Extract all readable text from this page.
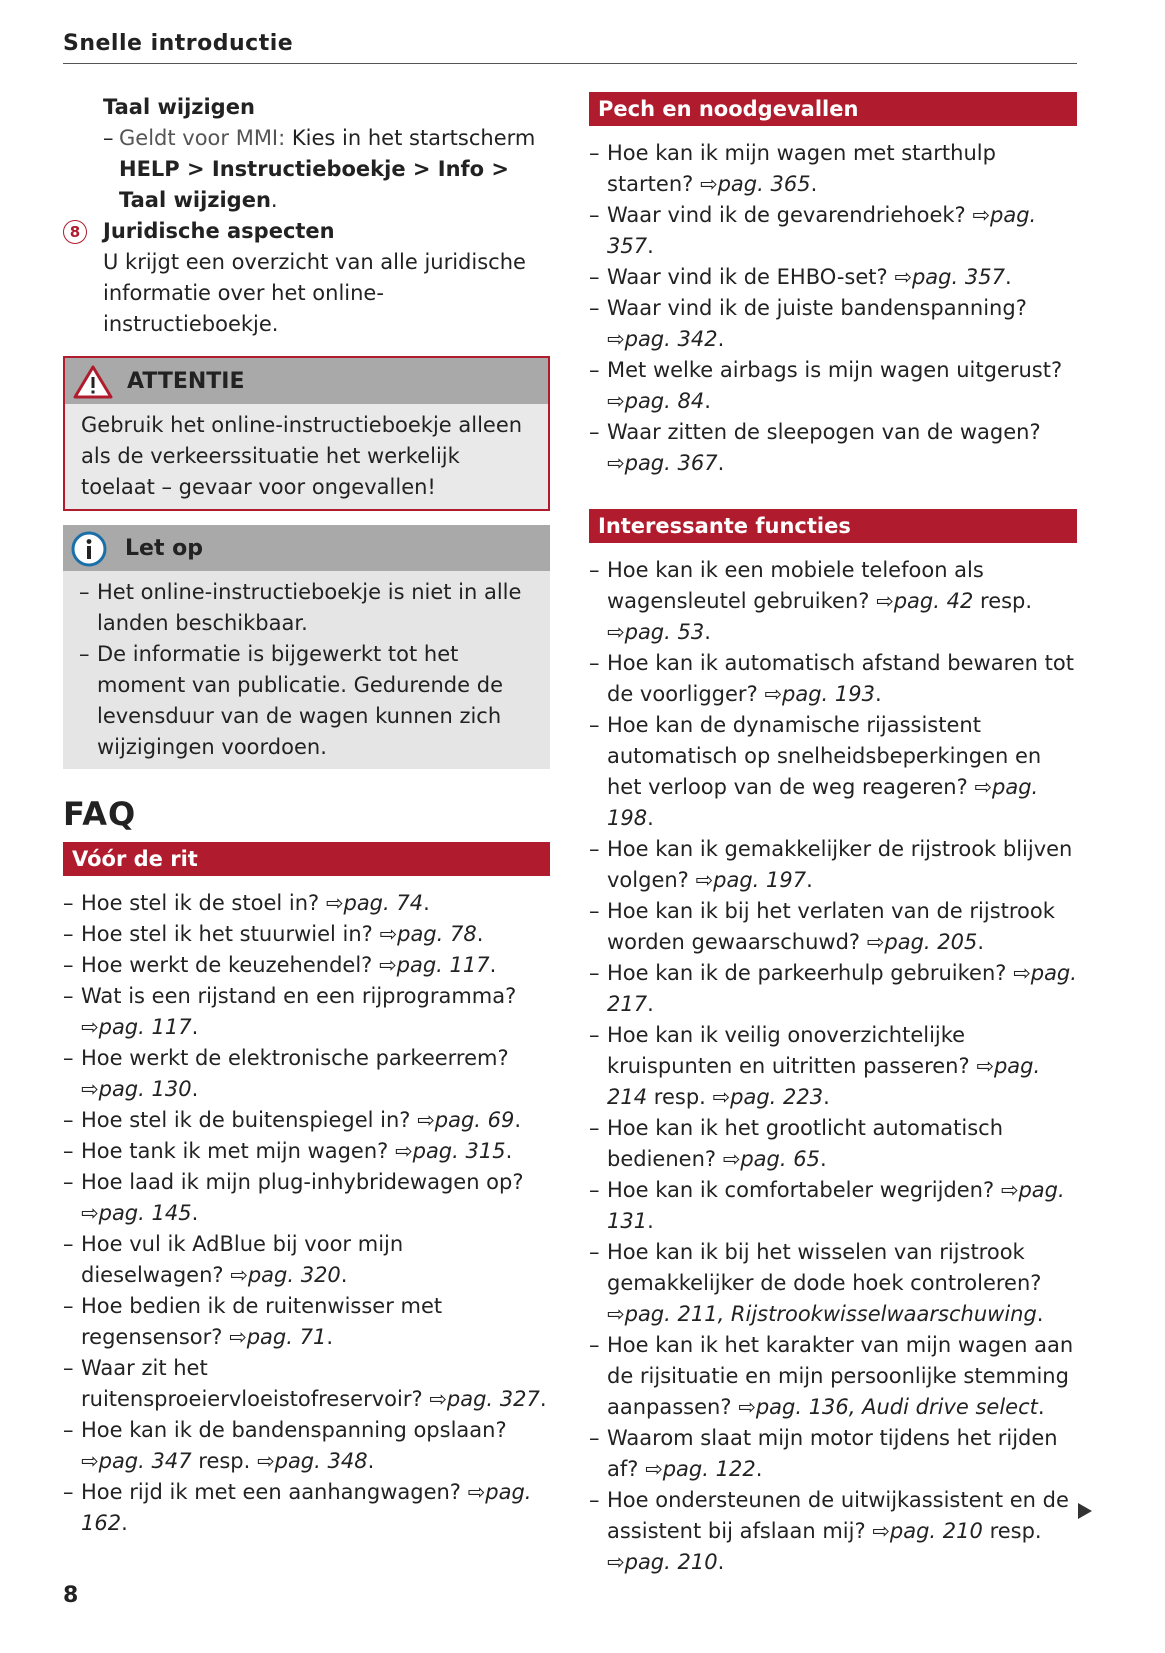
Snelle introductie
Taal wijzigen
– Geldt voor MMI: Kies in het startscherm HELP > Instructieboekje > Info > Taal wijzigen.
8	Juridische aspecten
U krijgt een overzicht van alle juridische informatie over het online-instructieboekje.
ATTENTIE
Gebruik het online-instructieboekje alleen als de verkeerssituatie het werkelijk toelaat – gevaar voor ongevallen!
Let op
– Het online-instructieboekje is niet in alle landen beschikbaar.
– De informatie is bijgewerkt tot het moment van publicatie. Gedurende de levensduur van de wagen kunnen zich wijzigingen voordoen.
FAQ
Vóór de rit
– Hoe stel ik de stoel in? ⇨pag. 74.
– Hoe stel ik het stuurwiel in? ⇨pag. 78.
– Hoe werkt de keuzehendel? ⇨pag. 117.
– Wat is een rijstand en een rijprogramma? ⇨pag. 117.
– Hoe werkt de elektronische parkeerrem? ⇨pag. 130.
– Hoe stel ik de buitenspiegel in? ⇨pag. 69.
– Hoe tank ik met mijn wagen? ⇨pag. 315.
– Hoe laad ik mijn plug-inhybridewagen op? ⇨pag. 145.
– Hoe vul ik AdBlue bij voor mijn dieselwagen? ⇨pag. 320.
– Hoe bedien ik de ruitenwisser met regensensor? ⇨pag. 71.
– Waar zit het ruitensproeiervloeistofreservoir? ⇨pag. 327.
– Hoe kan ik de bandenspanning opslaan? ⇨pag. 347 resp. ⇨pag. 348.
– Hoe rijd ik met een aanhangwagen? ⇨pag. 162.
Pech en noodgevallen
– Hoe kan ik mijn wagen met starthulp starten? ⇨pag. 365.
– Waar vind ik de gevarendriehoek? ⇨pag. 357.
– Waar vind ik de EHBO-set? ⇨pag. 357.
– Waar vind ik de juiste bandenspanning? ⇨pag. 342.
– Met welke airbags is mijn wagen uitgerust? ⇨pag. 84.
– Waar zitten de sleepogen van de wagen? ⇨pag. 367.
Interessante functies
– Hoe kan ik een mobiele telefoon als wagensleutel gebruiken? ⇨pag. 42 resp. ⇨pag. 53.
– Hoe kan ik automatisch afstand bewaren tot de voorligger? ⇨pag. 193.
– Hoe kan de dynamische rijassistent automatisch op snelheidsbeperkingen en het verloop van de weg reageren? ⇨pag. 198.
– Hoe kan ik gemakkelijker de rijstrook blijven volgen? ⇨pag. 197.
– Hoe kan ik bij het verlaten van de rijstrook worden gewaarschuwd? ⇨pag. 205.
– Hoe kan ik de parkeerhulp gebruiken? ⇨pag. 217.
– Hoe kan ik veilig onoverzichtelijke kruispunten en uitritten passeren? ⇨pag. 214 resp. ⇨pag. 223.
– Hoe kan ik het grootlicht automatisch bedienen? ⇨pag. 65.
– Hoe kan ik comfortabeler wegrijden? ⇨pag. 131.
– Hoe kan ik bij het wisselen van rijstrook gemakkelijker de dode hoek controleren? ⇨pag. 211, Rijstrookwisselwaarschuwing.
– Hoe kan ik het karakter van mijn wagen aan de rijsituatie en mijn persoonlijke stemming aanpassen? ⇨pag. 136, Audi drive select.
– Waarom slaat mijn motor tijdens het rijden af? ⇨pag. 122.
– Hoe ondersteunen de uitwijkassistent en de assistent bij afslaan mij? ⇨pag. 210 resp. ⇨pag. 210.
8
